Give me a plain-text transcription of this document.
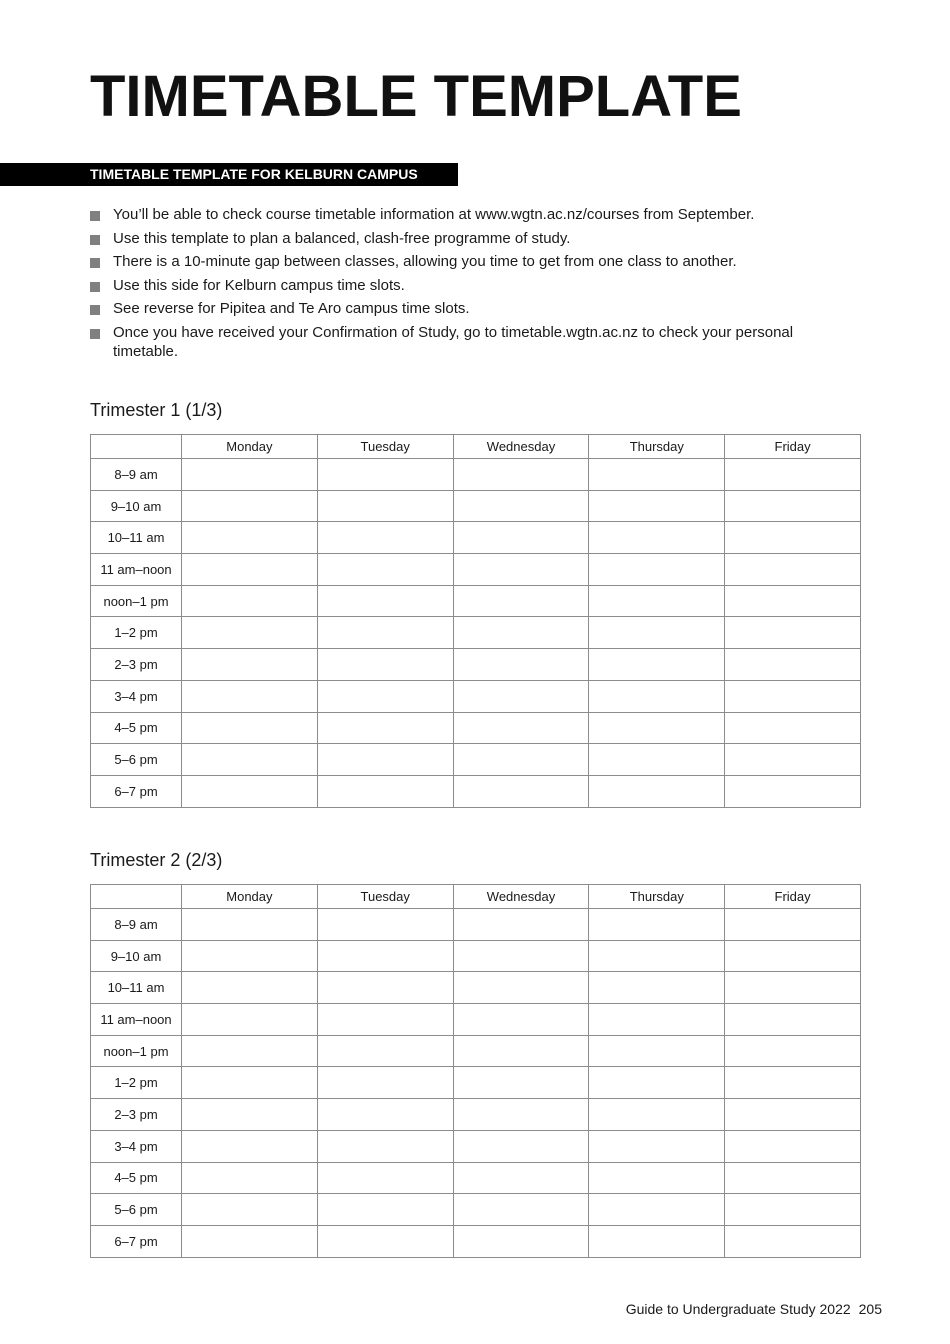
TIMETABLE TEMPLATE
TIMETABLE TEMPLATE FOR KELBURN CAMPUS
You’ll be able to check course timetable information at www.wgtn.ac.nz/courses from September.
Use this template to plan a balanced, clash-free programme of study.
There is a 10-minute gap between classes, allowing you time to get from one class to another.
Use this side for Kelburn campus time slots.
See reverse for Pipitea and Te Aro campus time slots.
Once you have received your Confirmation of Study, go to timetable.wgtn.ac.nz to check your personal timetable.
Trimester 1 (1/3)
	Monday	Tuesday	Wednesday	Thursday	Friday
8–9 am					
9–10 am					
10–11 am					
11 am–noon					
noon–1 pm					
1–2 pm					
2–3 pm					
3–4 pm					
4–5 pm					
5–6 pm					
6–7 pm					
Trimester 2 (2/3)
	Monday	Tuesday	Wednesday	Thursday	Friday
8–9 am					
9–10 am					
10–11 am					
11 am–noon					
noon–1 pm					
1–2 pm					
2–3 pm					
3–4 pm					
4–5 pm					
5–6 pm					
6–7 pm					
Guide to Undergraduate Study 2022 205
